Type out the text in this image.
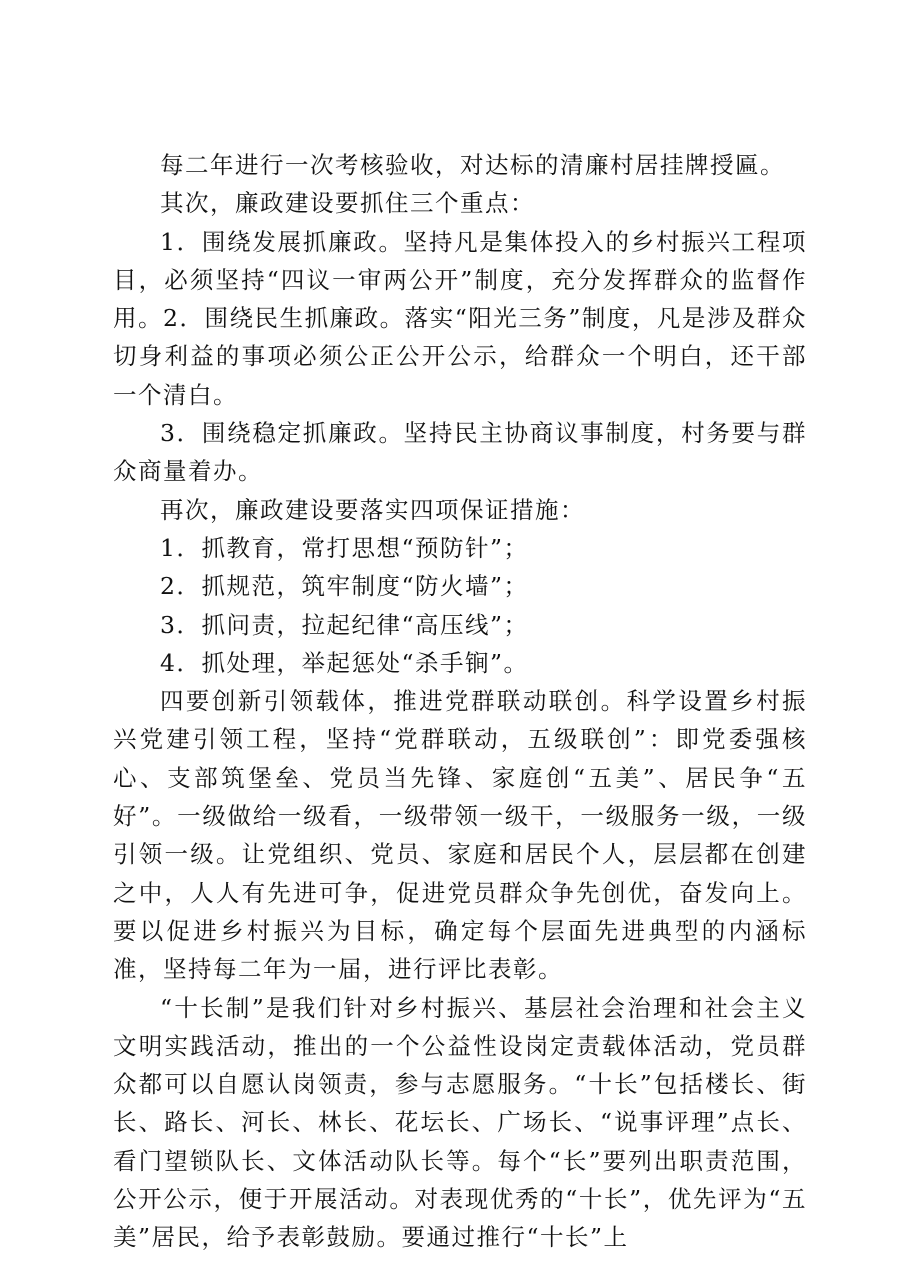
每二年进行一次考核验收，对达标的清廉村居挂牌授匾。

其次，廉政建设要抓住三个重点：

1．围绕发展抓廉政。坚持凡是集体投入的乡村振兴工程项目，必须坚持“四议一审两公开”制度，充分发挥群众的监督作用。2．围绕民生抓廉政。落实“阳光三务”制度，凡是涉及群众切身利益的事项必须公正公开公示，给群众一个明白，还干部一个清白。

3．围绕稳定抓廉政。坚持民主协商议事制度，村务要与群众商量着办。

再次，廉政建设要落实四项保证措施：

1．抓教育，常打思想“预防针”；

2．抓规范，筑牢制度“防火墙”；

3．抓问责，拉起纪律“高压线”；

4．抓处理，举起惩处“杀手锏”。

四要创新引领载体，推进党群联动联创。科学设置乡村振兴党建引领工程，坚持“党群联动，五级联创”：即党委强核心、支部筑堡垒、党员当先锋、家庭创“五美”、居民争“五好”。一级做给一级看，一级带领一级干，一级服务一级，一级引领一级。让党组织、党员、家庭和居民个人，层层都在创建之中，人人有先进可争，促进党员群众争先创优，奋发向上。要以促进乡村振兴为目标，确定每个层面先进典型的内涵标准，坚持每二年为一届，进行评比表彰。

“十长制”是我们针对乡村振兴、基层社会治理和社会主义文明实践活动，推出的一个公益性设岗定责载体活动，党员群众都可以自愿认岗领责，参与志愿服务。“十长”包括楼长、街长、路长、河长、林长、花坛长、广场长、“说事评理”点长、看门望锁队长、文体活动队长等。每个“长”要列出职责范围，公开公示，便于开展活动。对表现优秀的“十长”，优先评为“五美”居民，给予表彰鼓励。要通过推行“十长”上
